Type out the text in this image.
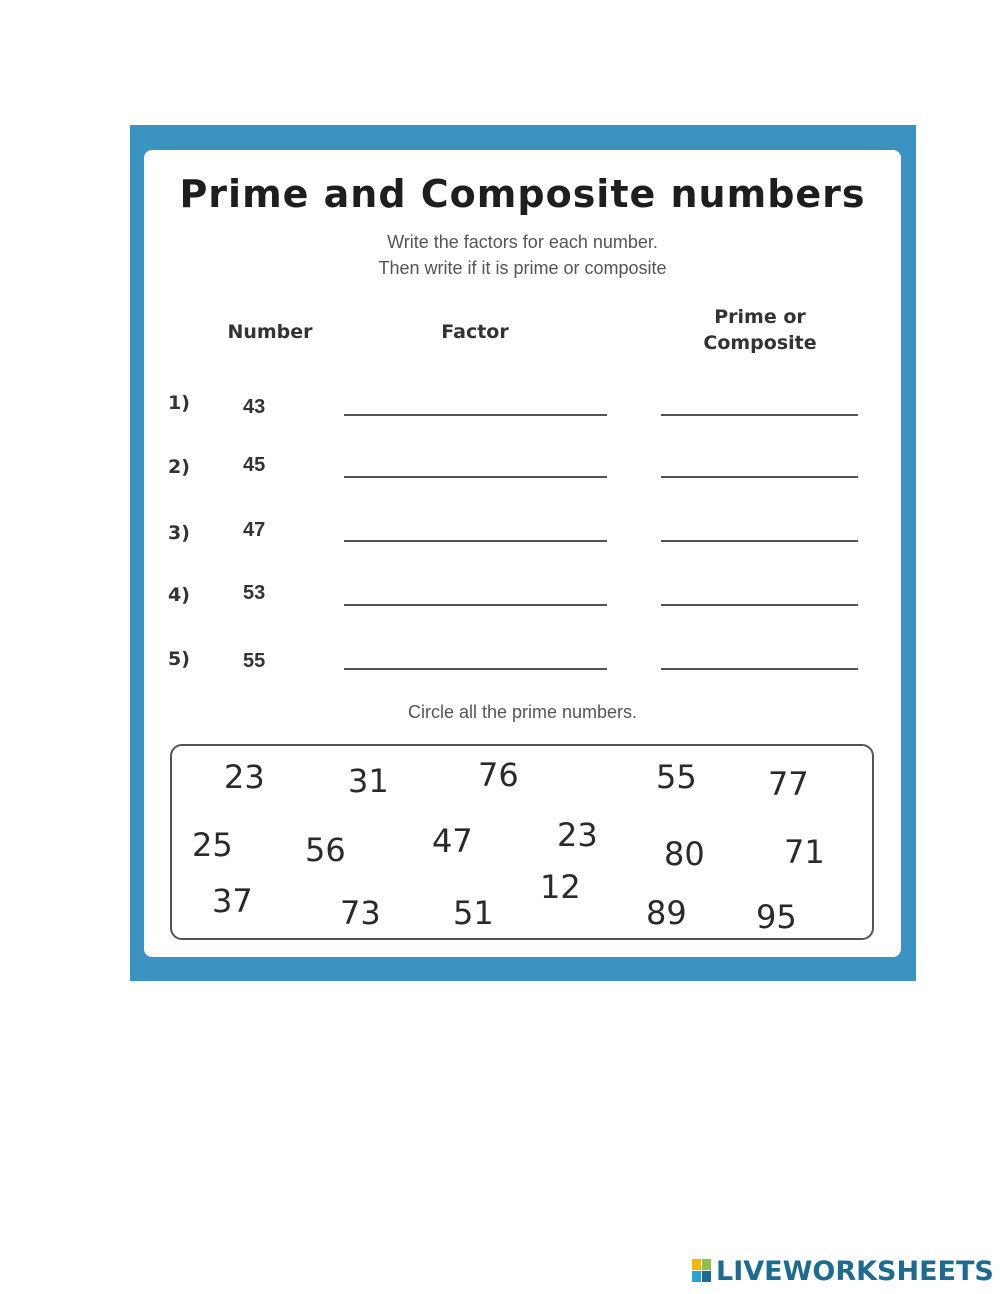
Prime and Composite numbers
Write the factors for each number.
Then write if it is prime or composite
Number	Factor
Prime or
Composite
1)	43
2)	45
3)	47
4)	53
5)	55
Circle all the prime numbers.
23	31	76	55 77
25 56	47	23 80 71
37	73 51
12
89 95
LIVEWORKSHEETS
